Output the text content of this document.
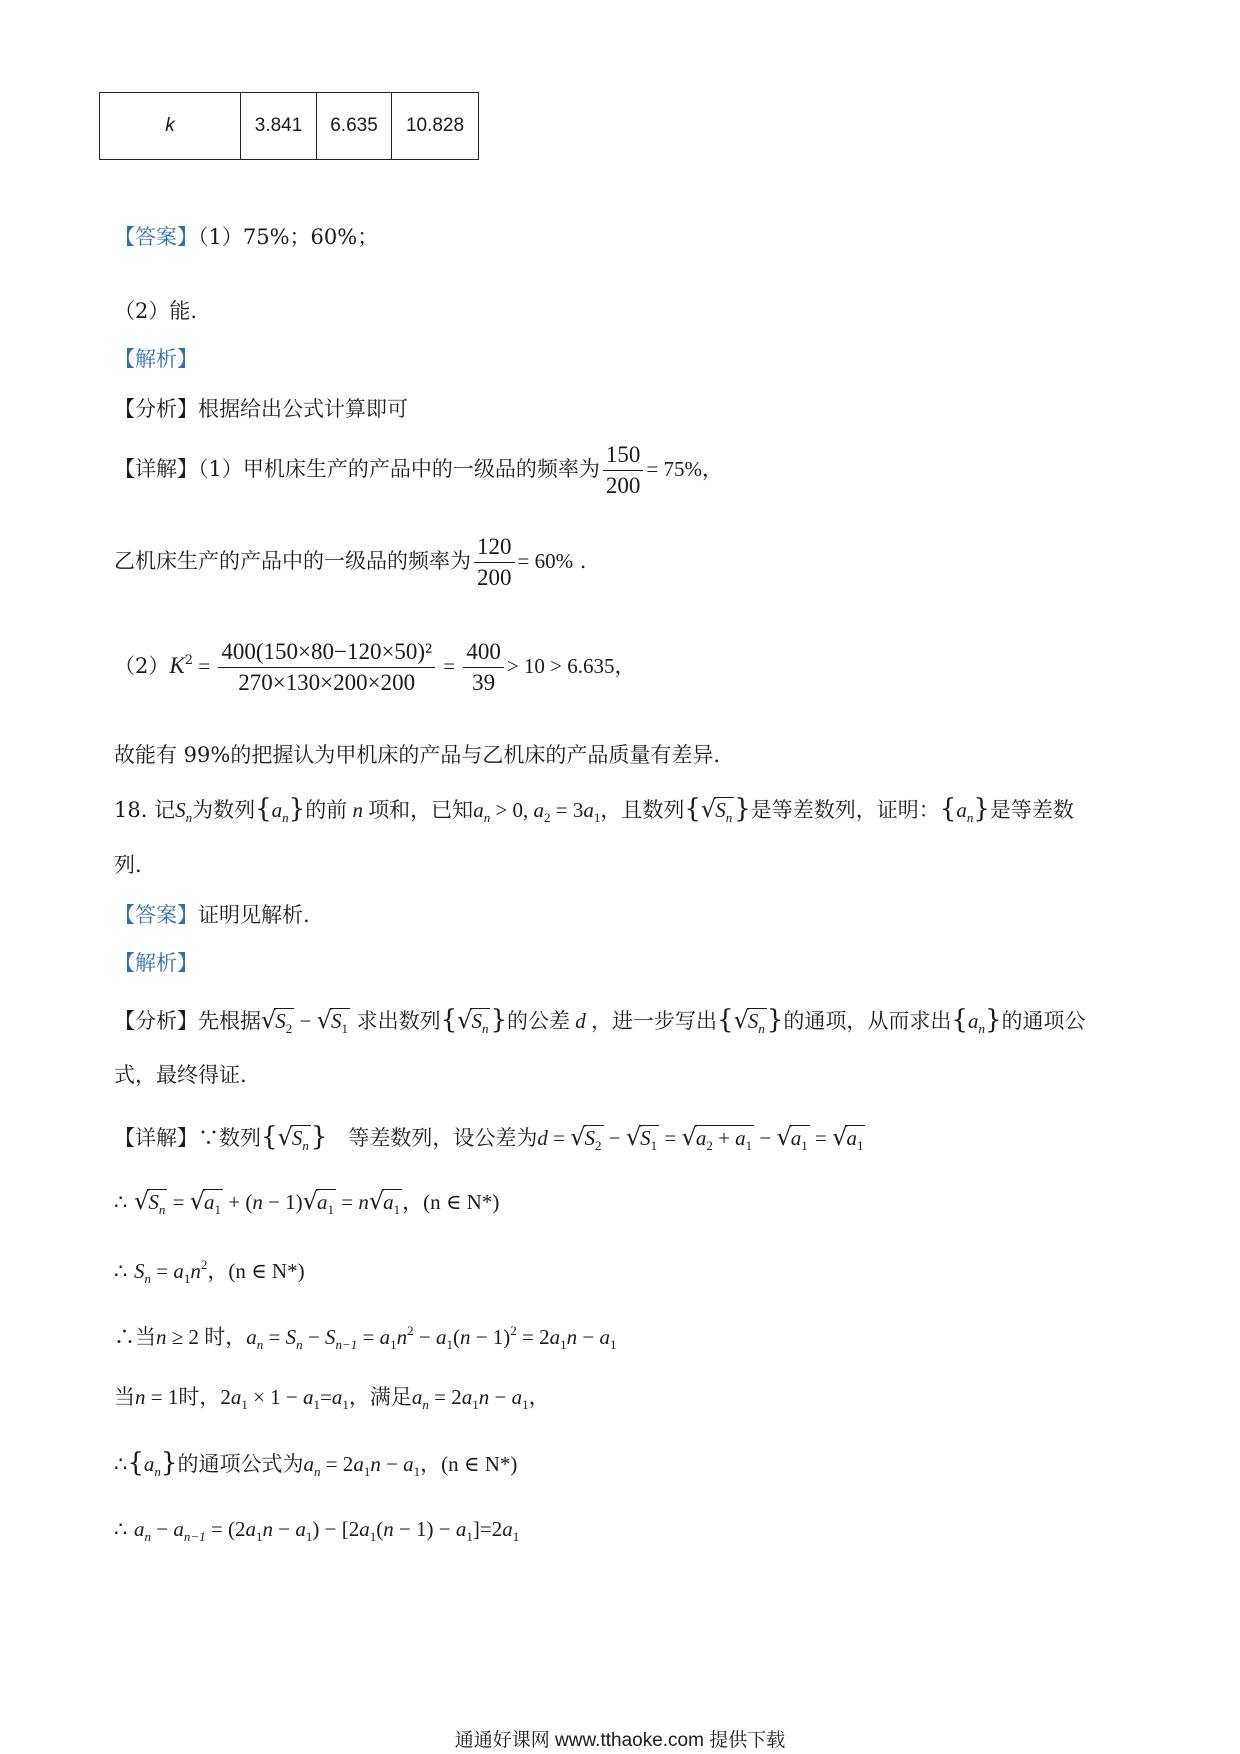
k	3.841	6.635	10.828
【答案】（1）75%；60%；
（2）能.
【解析】
【分析】根据给出公式计算即可
【详解】（1）甲机床生产的产品中的一级品的频率为 $\frac{150}{200} = 75\%$，
乙机床生产的产品中的一级品的频率为 $\frac{120}{200} = 60\%$ .
$(2)K^2 = \frac{\text{400(150×80−120×50)²}}{270\times 130\times 200\times 200} = \frac{400}{39} > 10 > 6.635$，
故能有 99%的把握认为甲机床的产品与乙机床的产品质量有差异.
18. 记$S_n$为数列$\{a_n\}$的前 n 项和，已知$a_n > 0$, $a_2 = 3a_1$，且数列$\{√S_n\}$是等差数列，证明：$\{a_n\}$是等差数
列.
【答案】证明见解析.
【解析】
【分析】先根据$√S_2 - √S_1$ 求出数列$\{√S_n\}$的公差 d ，进一步写出$\{√S_n\}$的通项，从而求出$\{a_n\}$的通项公
式，最终得证.
【详解】∵数列$\{√S_n\}$　 等差数列，设公差为$d = √S_2 - √S_1 = √a_2 + a_1 - √a_1 = √a_1$
∴ $√S_n = √a_1 + (n - 1)√a_1 = n√a_1$，(n ∈ N*)
∴ $S_n = a_1n^2$，(n ∈ N*)
∴当n ≥ 2 时，$a_n = S_n - S_{n-1} = a_1n^2 - a_1(n - 1)^2 = 2a_1n - a_1$
当n = 1时，$2a_1 \times 1 - a_1=a_1$，满足$a_n = 2a_1n - a_1$，
$\therefore\{a_n\}$的通项公式为$a_n = 2a_1n - a_1$，(n ∈ N*)
∴ $a_n - a_{n-1} = (2a_1n - a_1) - [2a_1(n - 1) - a_1]=2a_1$
通通好课网 www.tthaoke.com 提供下载
